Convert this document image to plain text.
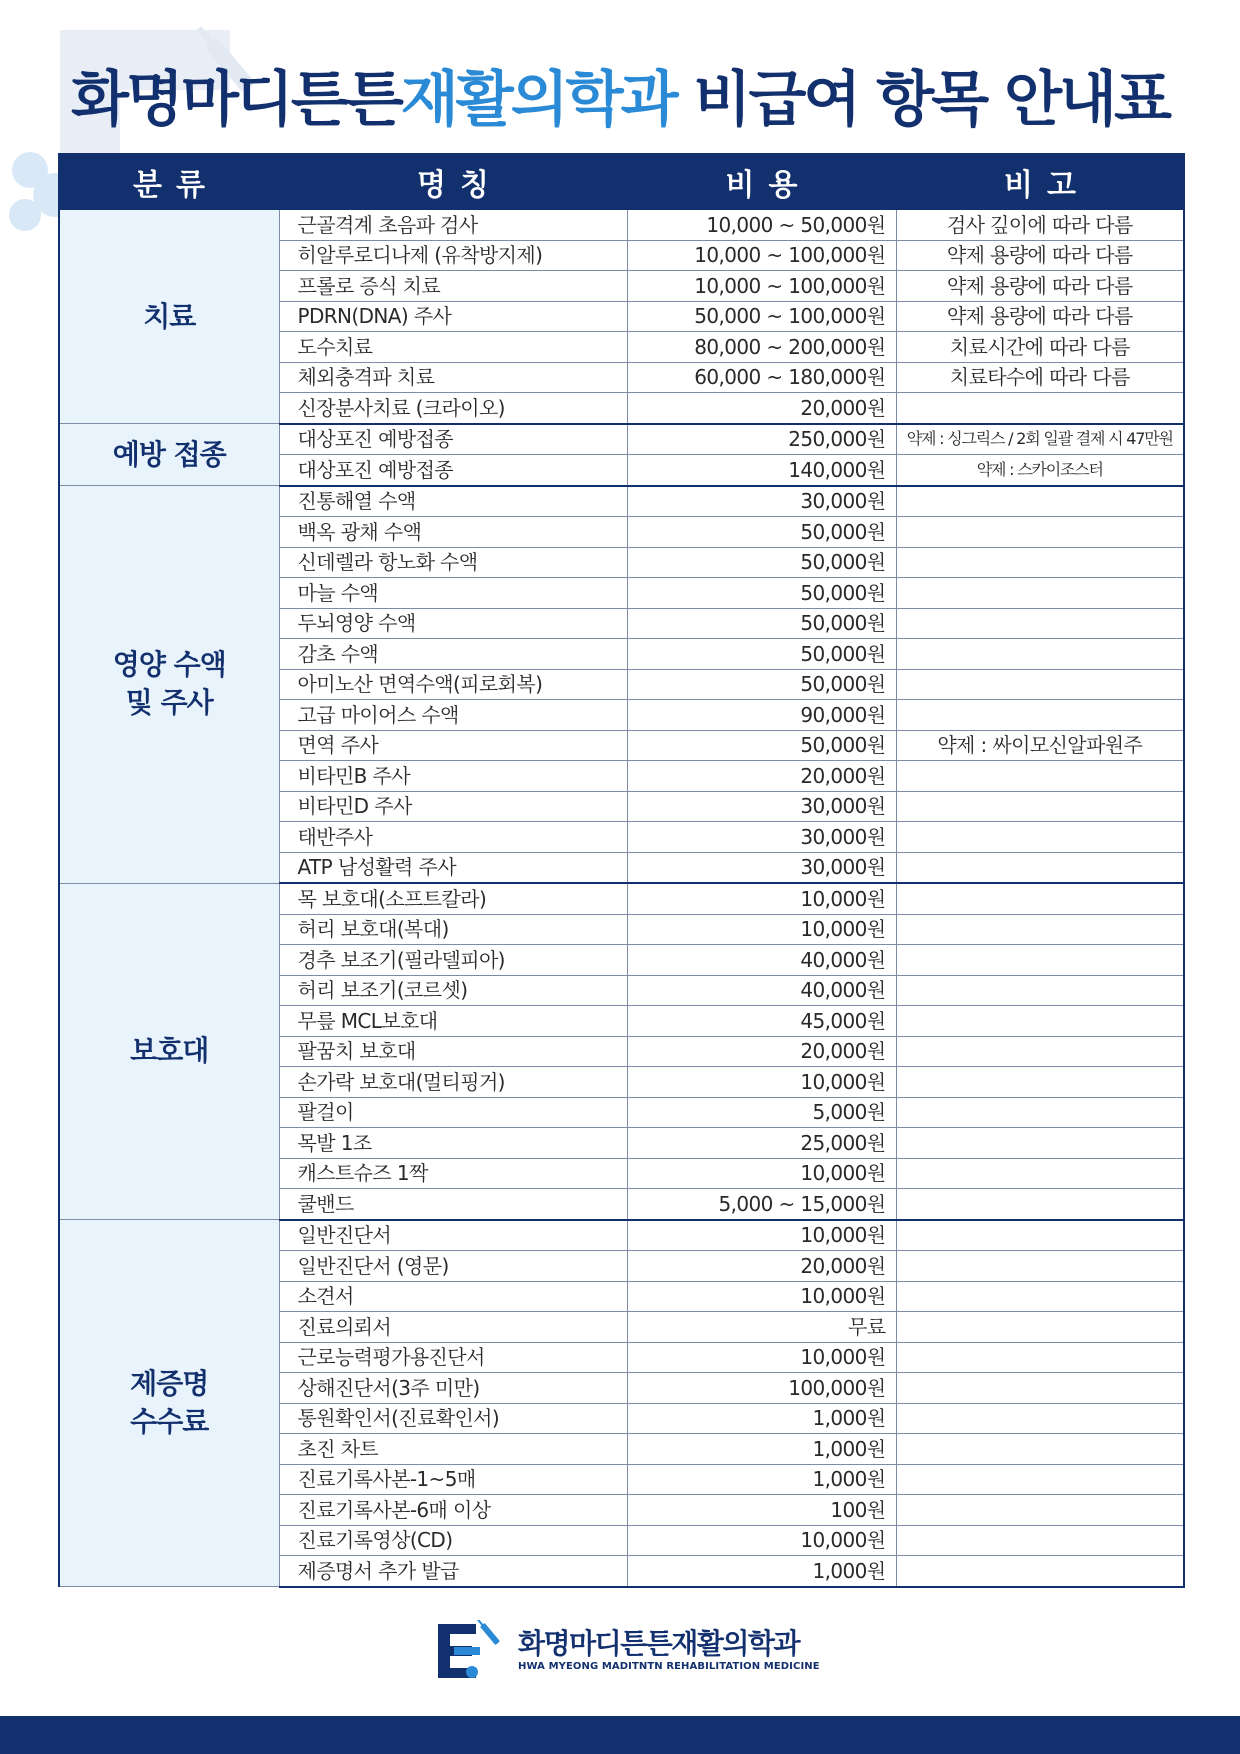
화명마디튼튼재활의학과 비급여 항목 안내표
분류	명칭	비용	비고
치료	근골격계 초음파 검사	10,000 ~ 50,000원	검사 깊이에 따라 다름
	히알루로디나제 (유착방지제)	10,000 ~ 100,000원	약제 용량에 따라 다름
	프롤로 증식 치료	10,000 ~ 100,000원	약제 용량에 따라 다름
	PDRN(DNA) 주사	50,000 ~ 100,000원	약제 용량에 따라 다름
	도수치료	80,000 ~ 200,000원	치료시간에 따라 다름
	체외충격파 치료	60,000 ~ 180,000원	치료타수에 따라 다름
	신장분사치료 (크라이오)	20,000원	
예방 접종	대상포진 예방접종	250,000원	약제 : 싱그릭스 / 2회 일괄 결제 시 47만원
	대상포진 예방접종	140,000원	약제 : 스카이조스터
영양 수액 및 주사	진통해열 수액	30,000원	
	백옥 광채 수액	50,000원	
	신데렐라 항노화 수액	50,000원	
	마늘 수액	50,000원	
	두뇌영양 수액	50,000원	
	감초 수액	50,000원	
	아미노산 면역수액(피로회복)	50,000원	
	고급 마이어스 수액	90,000원	
	면역 주사	50,000원	약제 : 싸이모신알파원주
	비타민B 주사	20,000원	
	비타민D 주사	30,000원	
	태반주사	30,000원	
	ATP 남성활력 주사	30,000원	
보호대	목 보호대(소프트칼라)	10,000원	
	허리 보호대(복대)	10,000원	
	경추 보조기(필라델피아)	40,000원	
	허리 보조기(코르셋)	40,000원	
	무릎 MCL보호대	45,000원	
	팔꿈치 보호대	20,000원	
	손가락 보호대(멀티핑거)	10,000원	
	팔걸이	5,000원	
	목발 1조	25,000원	
	캐스트슈즈 1짝	10,000원	
	쿨밴드	5,000 ~ 15,000원	
제증명 수수료	일반진단서	10,000원	
	일반진단서 (영문)	20,000원	
	소견서	10,000원	
	진료의뢰서	무료	
	근로능력평가용진단서	10,000원	
	상해진단서(3주 미만)	100,000원	
	통원확인서(진료확인서)	1,000원	
	초진 차트	1,000원	
	진료기록사본-1~5매	1,000원	
	진료기록사본-6매 이상	100원	
	진료기록영상(CD)	10,000원	
	제증명서 추가 발급	1,000원	
화명마디튼튼재활의학과
HWA MYEONG MADITNTN REHABILITATION MEDICINE
